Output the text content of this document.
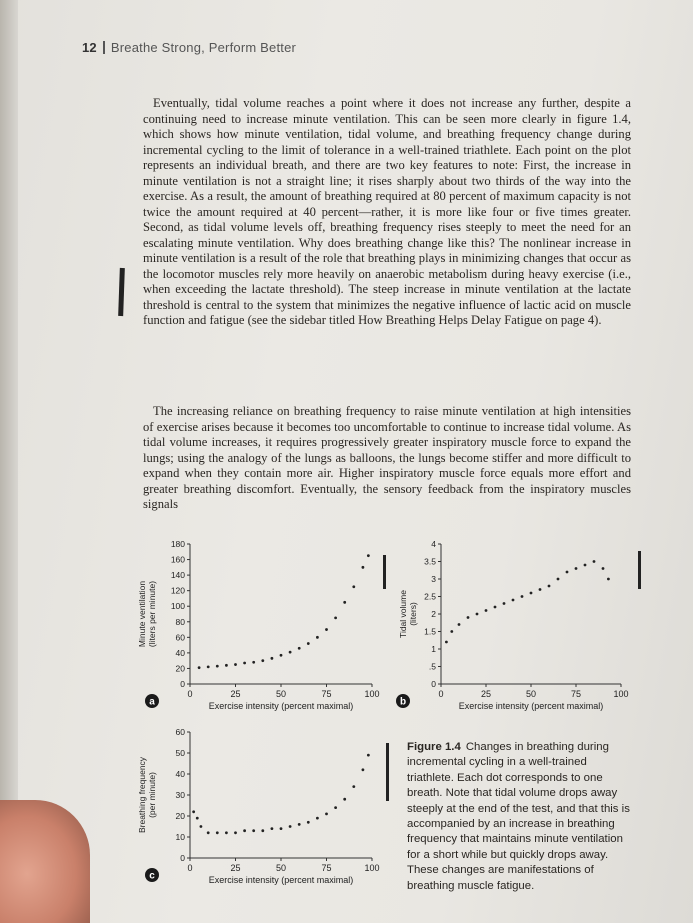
12 Breathe Strong, Perform Better

Eventually, tidal volume reaches a point where it does not increase any further, despite a continuing need to increase minute ventilation. This can be seen more clearly in figure 1.4, which shows how minute ventilation, tidal volume, and breathing frequency change during incremental cycling to the limit of tolerance in a well-trained triathlete. Each point on the plot represents an individual breath, and there are two key features to note: First, the increase in minute ventilation is not a straight line; it rises sharply about two thirds of the way into the exercise. As a result, the amount of breathing required at 80 percent of maximum capacity is not twice the amount required at 40 percent—rather, it is more like four or five times greater. Second, as tidal volume levels off, breathing frequency rises steeply to meet the need for an escalating minute ventilation. Why does breathing change like this? The nonlinear increase in minute ventilation is a result of the role that breathing plays in minimizing changes that occur as the locomotor muscles rely more heavily on anaerobic metabolism during heavy exercise (i.e., when exceeding the lactate threshold). The steep increase in minute ventilation at the lactate threshold is central to the system that minimizes the negative influence of lactic acid on muscle function and fatigue (see the sidebar titled How Breathing Helps Delay Fatigue on page 4).

The increasing reliance on breathing frequency to raise minute ventilation at high intensities of exercise arises because it becomes too uncomfortable to continue to increase tidal volume. As tidal volume increases, it requires progressively greater inspiratory muscle force to expand the lungs; using the analogy of the lungs as balloons, the lungs become stiffer and more difficult to expand when they contain more air. Higher inspiratory muscle force equals more effort and greater breathing discomfort. Eventually, the sensory feedback from the inspiratory muscles signals

0
20
40
60
80
100
120
140
160
180
0	25	50	75	100
Exercise intensity (percent maximal)
Minute ventilation (liters per minute)
a
0
.5
1
1.5
2
2.5
3
3.5
4
0	25	50	75	100
Exercise intensity (percent maximal)
Tidal volume (liters)
b
0
10
20
30
40
50
60
0	25	50	75	100
Exercise intensity (percent maximal)
Breathing frequency (per minute)
c

Figure 1.4 Changes in breathing during incremental cycling in a well-trained triathlete. Each dot corresponds to one breath. Note that tidal volume drops away steeply at the end of the test, and that this is accompanied by an increase in breathing frequency that maintains minute ventilation for a short while but quickly drops away. These changes are manifestations of breathing muscle fatigue.
